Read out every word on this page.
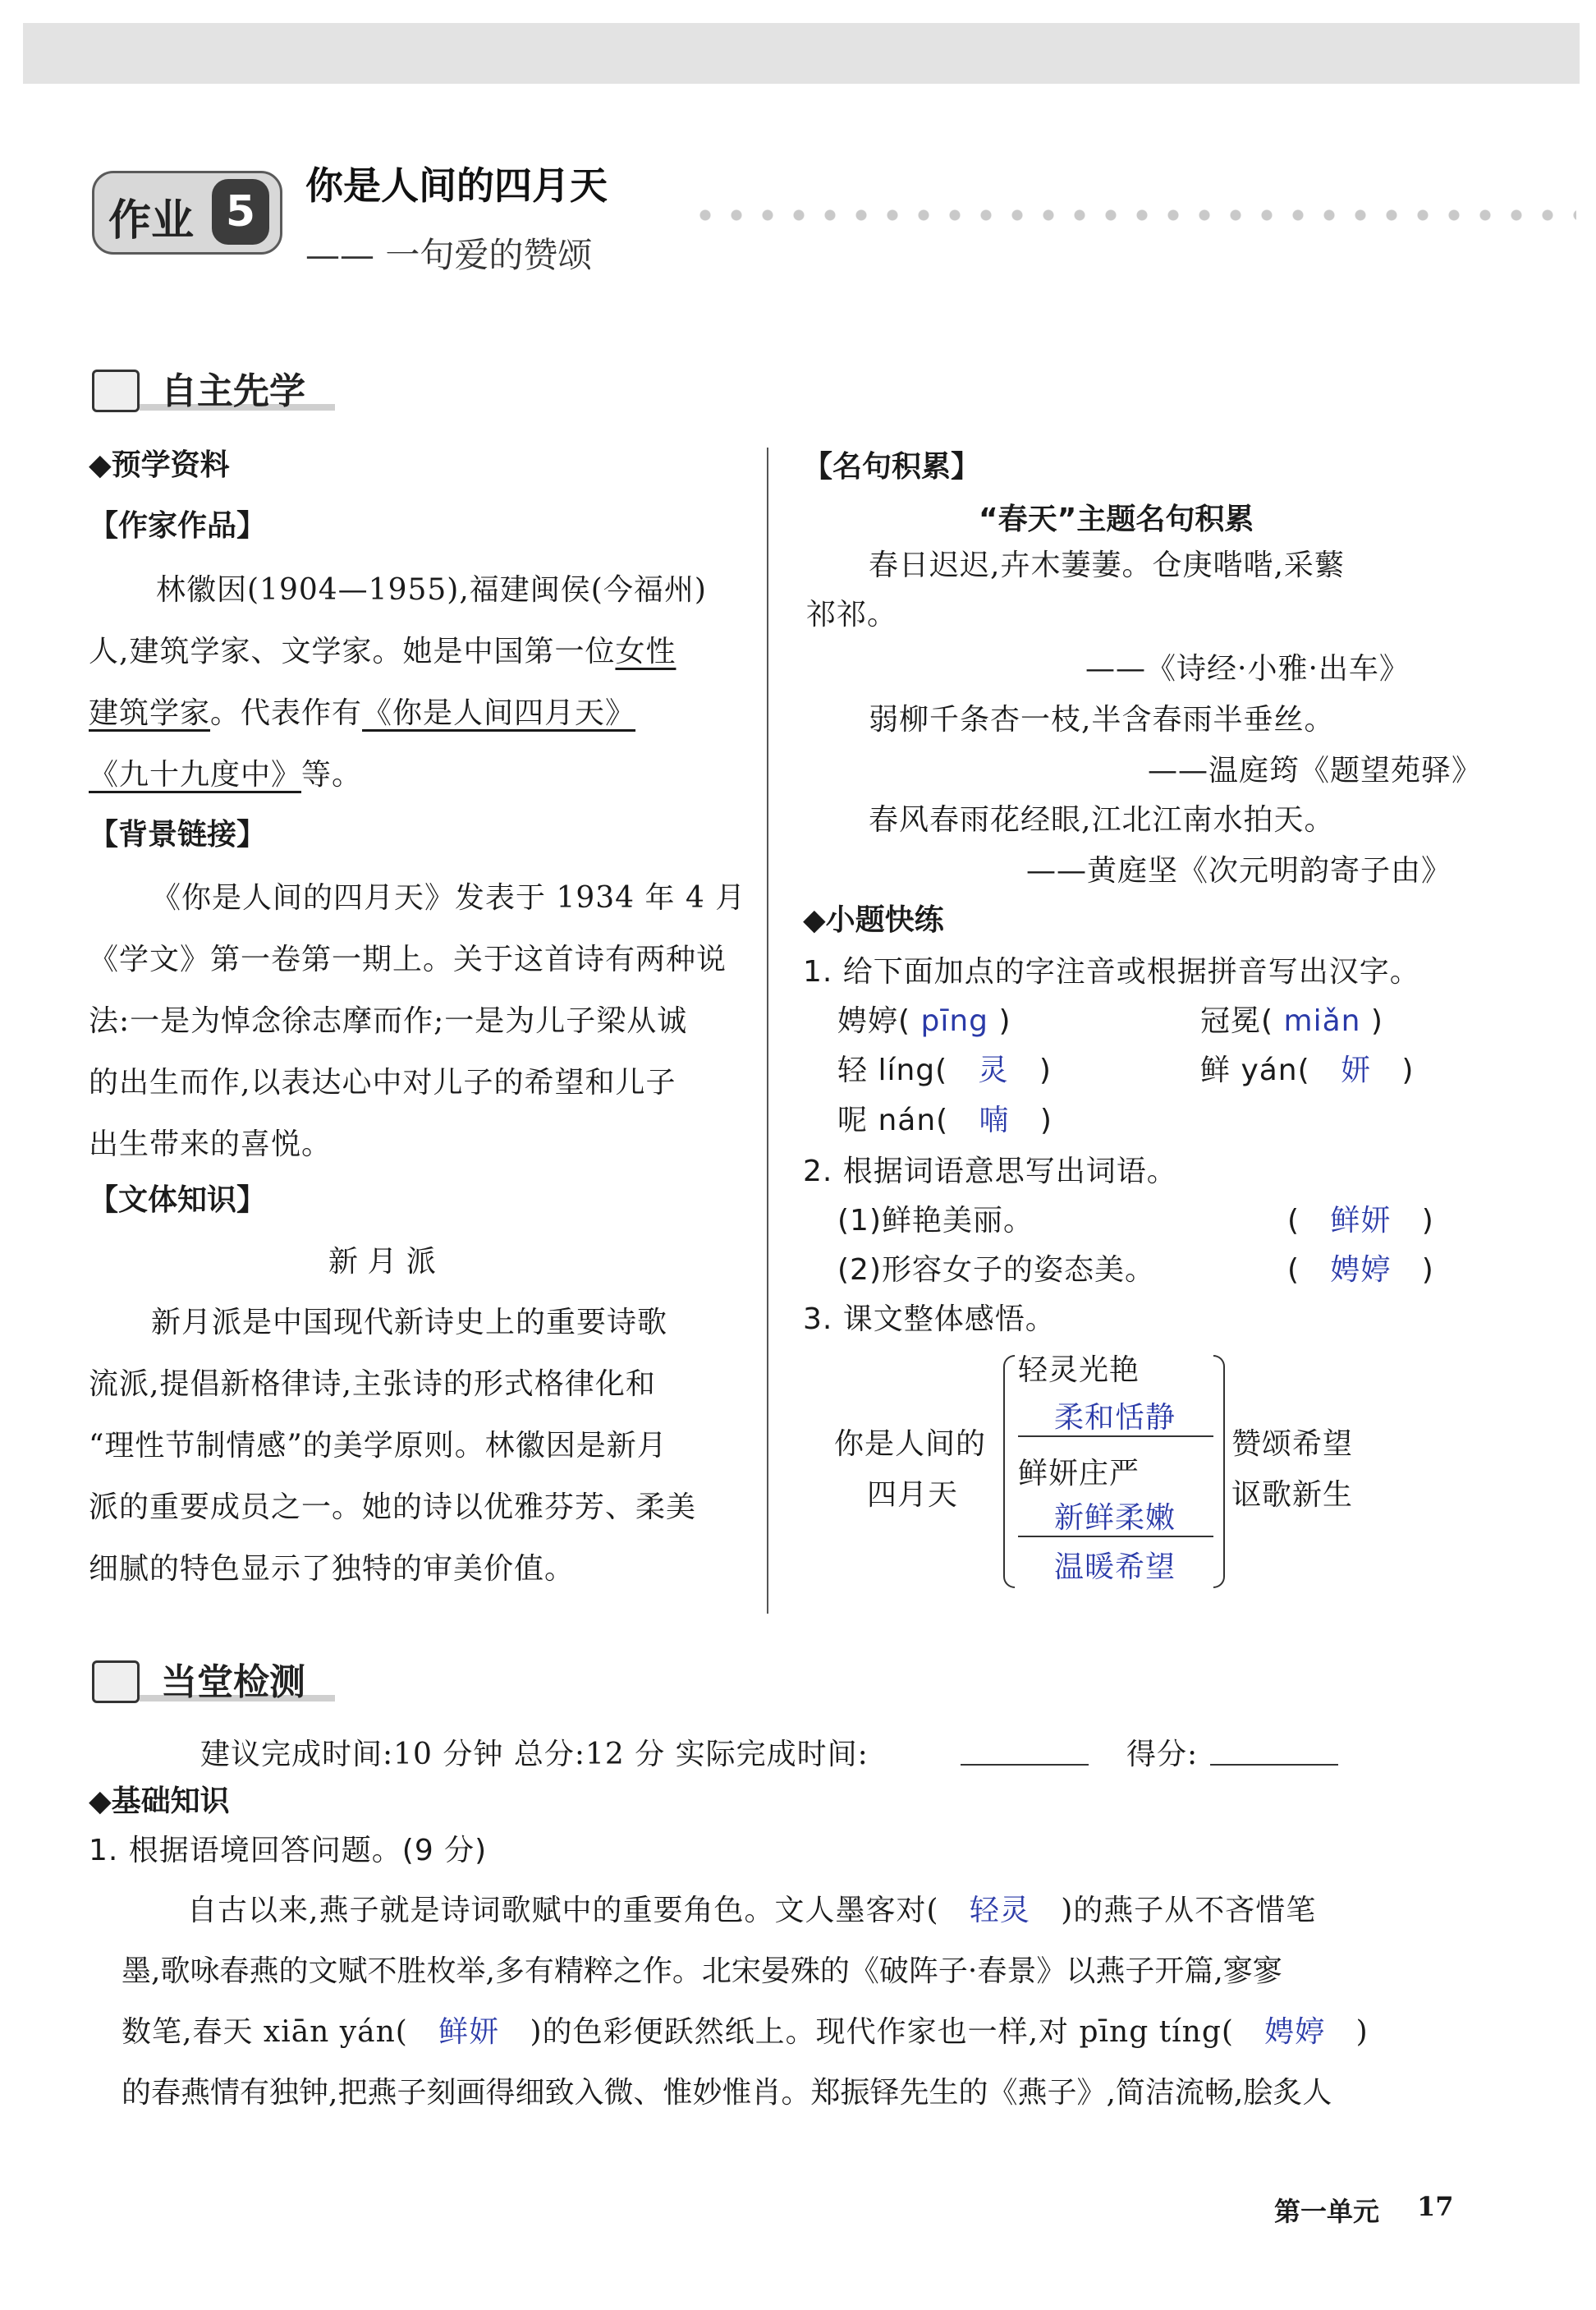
作业 5
你是人间的四月天
—— 一句爱的赞颂
自主先学
◆预学资料
【作家作品】
林徽因(1904—1955),福建闽侯(今福州)
人,建筑学家、文学家。她是中国第一位女性
建筑学家。代表作有《你是人间四月天》
《九十九度中》等。
【背景链接】
《你是人间的四月天》发表于 1934 年 4 月
《学文》第一卷第一期上。关于这首诗有两种说
法:一是为悼念徐志摩而作;一是为儿子梁从诚
的出生而作,以表达心中对儿子的希望和儿子
出生带来的喜悦。
【文体知识】
新 月 派
新月派是中国现代新诗史上的重要诗歌
流派,提倡新格律诗,主张诗的形式格律化和
“理性节制情感”的美学原则。林徽因是新月
派的重要成员之一。她的诗以优雅芬芳、柔美
细腻的特色显示了独特的审美价值。
【名句积累】
“春天”主题名句积累
春日迟迟,卉木萋萋。仓庚喈喈,采蘩
祁祁。
——《诗经·小雅·出车》
弱柳千条杏一枝,半含春雨半垂丝。
——温庭筠《题望苑驿》
春风春雨花经眼,江北江南水拍天。
——黄庭坚《次元明韵寄子由》
◆小题快练
1. 给下面加点的字注音或根据拼音写出汉字。
娉婷( pīng )	冠冕( miǎn )
轻 líng( 灵 )	鲜 yán( 妍 )
呢 nán( 喃 )
2. 根据词语意思写出词语。
(1)鲜艳美丽。	( 鲜妍 )
(2)形容女子的姿态美。	( 娉婷 )
3. 课文整体感悟。
你是人间的
四月天
轻灵光艳
柔和恬静
鲜妍庄严
新鲜柔嫩
温暖希望
赞颂希望
讴歌新生
当堂检测
建议完成时间:10 分钟 总分:12 分 实际完成时间:	得分:
◆基础知识
1. 根据语境回答问题。(9 分)
自古以来,燕子就是诗词歌赋中的重要角色。文人墨客对( 轻灵 )的燕子从不吝惜笔
墨,歌咏春燕的文赋不胜枚举,多有精粹之作。北宋晏殊的《破阵子·春景》以燕子开篇,寥寥
数笔,春天 xiān yán( 鲜妍 )的色彩便跃然纸上。现代作家也一样,对 pīng tíng( 娉婷 )
的春燕情有独钟,把燕子刻画得细致入微、惟妙惟肖。郑振铎先生的《燕子》,简洁流畅,脍炙人
第一单元 17
